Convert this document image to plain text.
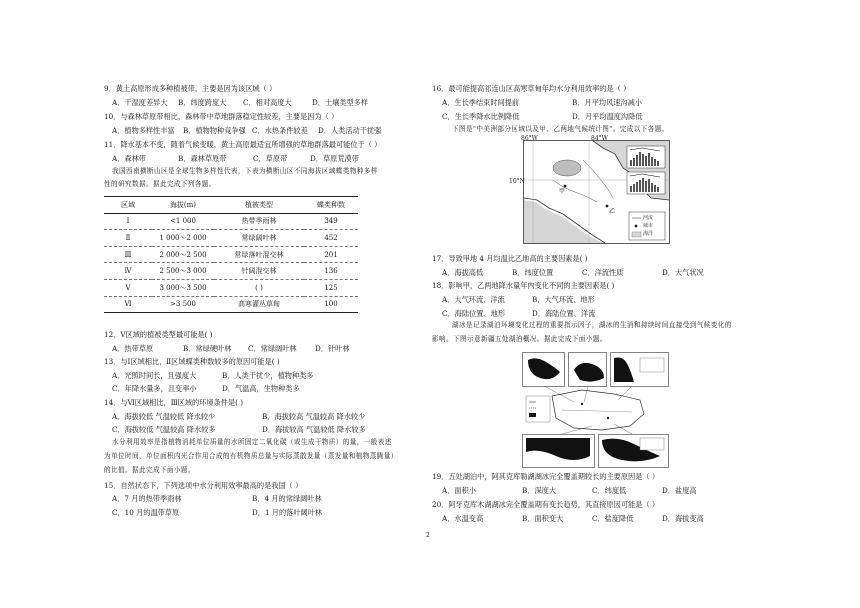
9．黄土高原形成多种植被带，主要是因为该区域（ ）
A．干湿度差异大 B．纬度跨度大 C．相对高度大	D．土壤类型多样
10．与森林草原带相比，森林带中草地群落稳定性较差，主要是因为（ ）
A．植物多样性丰富 B．植物物种竞争强 C．水热条件较差 D．人类活动干扰强
11．降水基本不变，随着气候变暖，黄土高原最适宜所增强的草地群落最可能位于（ ）
A．森林带	B．森林草原带	C．草原带	D．草原荒漠带
我国西南横断山区是全球生物多样性代表，下表为横断山区不同海拔区域蝶类物种多样
性的研究数据。据此完成下列各题。
区域	海拔(m)	植被类型	蝶类种数
Ⅰ	<1 000	热带季雨林	349
Ⅱ	1 000～2 000	常绿阔叶林	452
Ⅲ	2 000～2 500	常绿落叶混交林	201
Ⅳ	2 500～3 000	针阔混交林	136
Ⅴ	3 000～3 500	( )	125
Ⅵ	>3 500	高寒灌丛草甸	100
12．Ⅴ区域的植被类型最可能是( )
A．热带草原	B．常绿硬叶林 C．常绿阔叶林	D．针叶林
13．与Ⅰ区域相比，Ⅱ区域蝶类种数较多的原因可能是( )
A．光照时间长，且强度大	B．人类干扰少，植物种类多
C．年降水量多，且变率小	D．气温高，生物种类多
14．与Ⅵ区域相比，Ⅲ区域的环境条件是( )
A．海拔较低 气温较低 降水较少	B．海拔较高 气温较高 降水较少
C．海拔较低 气温较高 降水较多	D．海拔较高 气温较低 降水较多
水分利用效率是指植物消耗单位质量的水所固定二氧化碳（或生成干物质）的量，一般表述
为单位时间，单位面积内光合作用合成的有机物质总量与实际蒸散发量（蒸发量和植物蒸腾量）
的比值。据此完成下面小题。
15．自然状态下，下列选项中水分利用效率最高的是我国（ ）
A．7 月的热带季雨林	B．4 月的常绿阔叶林
C．10 月的温带草原	D．1 月的落叶阔叶林
16．最可能提高祁连山区高寒草甸年均水分利用效率的是（ ）
A．生长季结束时间提前	B．月平均风速沟减小
C．生长季降水比例降低	D．月平均温度沟降低
下图是"中美洲部分区域以及甲、乙两地气候统计图"。完成以下各题。
86°W	84°W
10°N
甲
乙
河流
城市
海洋
17．导致甲地 4 月均温比乙地高的主要因素是( )
A．海拔高低	B．纬度位置	C．洋流性质	D．大气状况
18．影响甲，乙两地降水量年内变化不同的主要因素是( )
A．大气环流、洋流	B．大气环流、地形
C．海陆位置、地形	D．海陆位置、洋流
湖冰是记录湖泊环境变化过程的重要指示因子，湖冰的生消和持续时间直接受到气候变化的
影响。下图示意新疆五处湖泊概况。据此完成下面小题。
19．五处湖泊中，阿其克库勒湖湖冰完全覆盖期较长的主要原因是（ ）
A．面积小	B．深度大	C．纬度低	D．盐度高
20．阿牙克库木湖湖冰完全覆盖期有变长趋势，其直接原因可能是（ ）
A．水温变高	B．面积变大	C．盐度降低	D．海拔变高
2
